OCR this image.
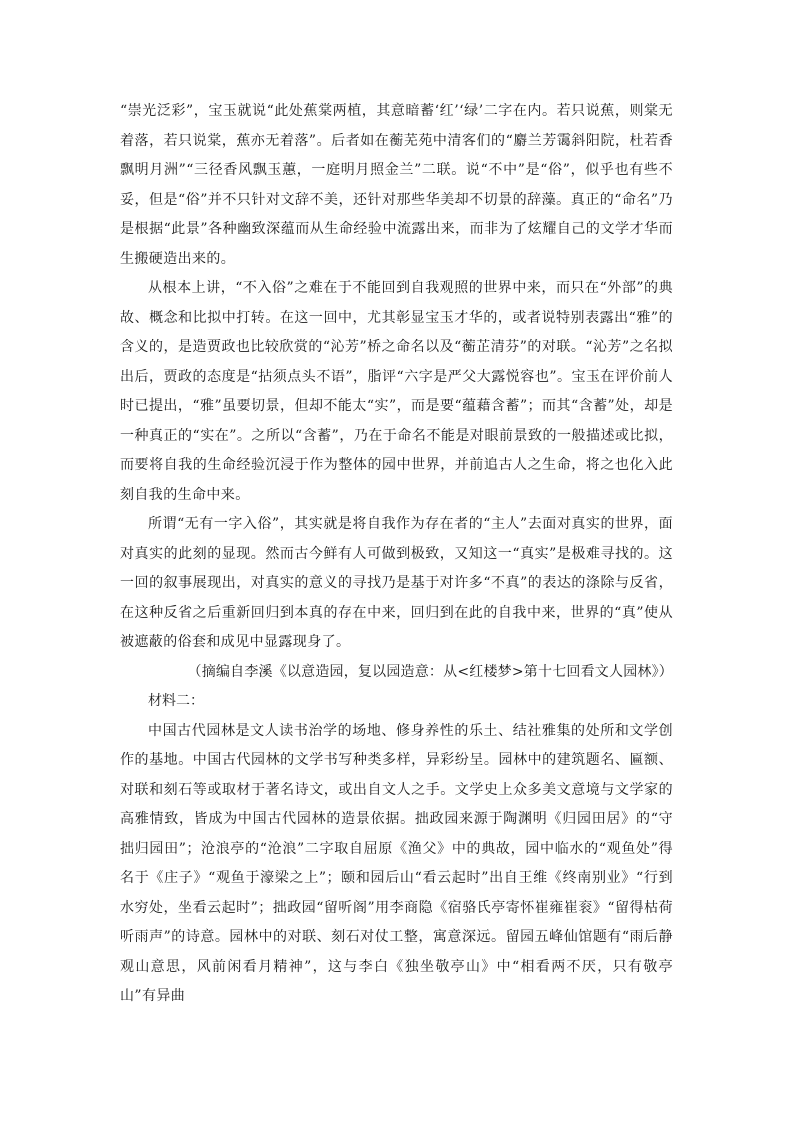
“崇光泛彩”，宝玉就说“此处蕉棠两植，其意暗蓄‘红’‘绿’二字在内。若只说蕉，则棠无着落，若只说棠，蕉亦无着落”。后者如在蘅芜苑中清客们的“麝兰芳霭斜阳院，杜若香飘明月洲”“三径香风飘玉蕙，一庭明月照金兰”二联。说“不中”是“俗”，似乎也有些不妥，但是“俗”并不只针对文辞不美，还针对那些华美却不切景的辞藻。真正的“命名”乃是根据“此景”各种幽致深蕴而从生命经验中流露出来，而非为了炫耀自己的文学才华而生搬硬造出来的。

从根本上讲，“不入俗”之难在于不能回到自我观照的世界中来，而只在“外部”的典故、概念和比拟中打转。在这一回中，尤其彰显宝玉才华的，或者说特别表露出“雅”的含义的，是造贾政也比较欣赏的“沁芳”桥之命名以及“蘅芷清芬”的对联。“沁芳”之名拟出后，贾政的态度是“拈须点头不语”，脂评“六字是严父大露悦容也”。宝玉在评价前人时已提出，“雅”虽要切景，但却不能太“实”，而是要“蕴藉含蓄”；而其“含蓄”处，却是一种真正的“实在”。之所以“含蓄”，乃在于命名不能是对眼前景致的一般描述或比拟，而要将自我的生命经验沉浸于作为整体的园中世界，并前追古人之生命，将之也化入此刻自我的生命中来。

所谓“无有一字入俗”，其实就是将自我作为存在者的“主人”去面对真实的世界，面对真实的此刻的显现。然而古今鲜有人可做到极致，又知这一“真实”是极难寻找的。这一回的叙事展现出，对真实的意义的寻找乃是基于对许多“不真”的表达的涤除与反省，在这种反省之后重新回归到本真的存在中来，回归到在此的自我中来，世界的“真”使从被遮蔽的俗套和成见中显露现身了。

（摘编自李溪《以意造园，复以园造意：从<红楼梦>第十七回看文人园林》）

材料二：

中国古代园林是文人读书治学的场地、修身养性的乐土、结社雅集的处所和文学创作的基地。中国古代园林的文学书写种类多样，异彩纷呈。园林中的建筑题名、匾额、对联和刻石等或取材于著名诗文，或出自文人之手。文学史上众多美文意境与文学家的高雅情致，皆成为中国古代园林的造景依据。拙政园来源于陶渊明《归园田居》的“守拙归园田”；沧浪亭的“沧浪”二字取自屈原《渔父》中的典故，园中临水的“观鱼处”得名于《庄子》“观鱼于濠梁之上”；颐和园后山“看云起时”出自王维《终南别业》“行到水穷处，坐看云起时”；拙政园“留听阁”用李商隐《宿骆氏亭寄怀崔雍崔衮》“留得枯荷听雨声”的诗意。园林中的对联、刻石对仗工整，寓意深远。留园五峰仙馆题有“雨后静观山意思，风前闲看月精神”，这与李白《独坐敬亭山》中“相看两不厌，只有敬亭山”有异曲
